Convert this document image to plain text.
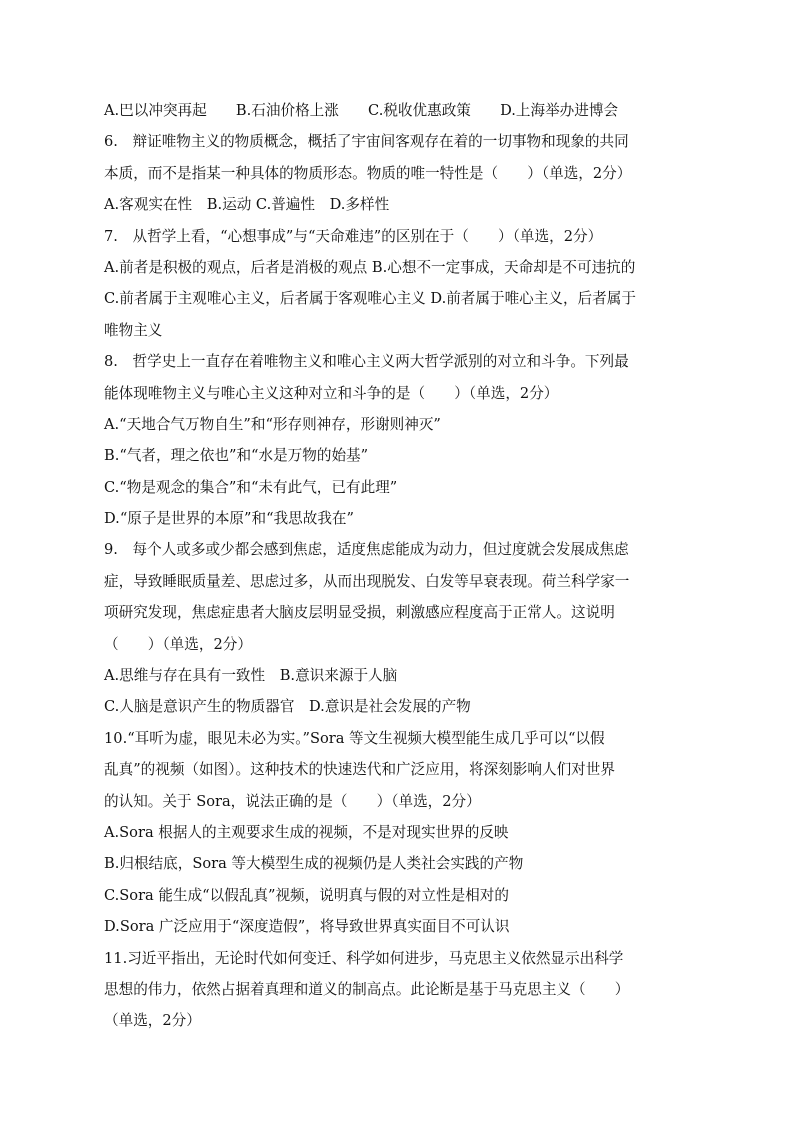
A.巴以冲突再起　　B.石油价格上涨　　C.税收优惠政策　　D.上海举办进博会
6.　辩证唯物主义的物质概念，概括了宇宙间客观存在着的一切事物和现象的共同
本质，而不是指某一种具体的物质形态。物质的唯一特性是（　　）（单选，2分）
A.客观实在性　B.运动 C.普遍性　D.多样性
7.　从哲学上看，“心想事成”与“天命难违”的区别在于（　　）（单选，2分）
A.前者是积极的观点，后者是消极的观点 B.心想不一定事成，天命却是不可违抗的
C.前者属于主观唯心主义，后者属于客观唯心主义 D.前者属于唯心主义，后者属于
唯物主义
8.　哲学史上一直存在着唯物主义和唯心主义两大哲学派别的对立和斗争。下列最
能体现唯物主义与唯心主义这种对立和斗争的是（　　）（单选，2分）
A.“天地合气万物自生”和“形存则神存，形谢则神灭”
B.“气者，理之依也”和“水是万物的始基”
C.“物是观念的集合”和“未有此气，已有此理”
D.“原子是世界的本原”和“我思故我在”
9.　每个人或多或少都会感到焦虑，适度焦虑能成为动力，但过度就会发展成焦虑
症，导致睡眠质量差、思虑过多，从而出现脱发、白发等早衰表现。荷兰科学家一
项研究发现，焦虑症患者大脑皮层明显受损，刺激感应程度高于正常人。这说明
（　　）（单选，2分）
A.思维与存在具有一致性　B.意识来源于人脑
C.人脑是意识产生的物质器官　D.意识是社会发展的产物
10.“耳听为虚，眼见未必为实。”Sora 等文生视频大模型能生成几乎可以“以假
乱真”的视频（如图）。这种技术的快速迭代和广泛应用，将深刻影响人们对世界
的认知。关于 Sora，说法正确的是（　　）（单选，2分）
A.Sora 根据人的主观要求生成的视频，不是对现实世界的反映
B.归根结底，Sora 等大模型生成的视频仍是人类社会实践的产物
C.Sora 能生成“以假乱真”视频，说明真与假的对立性是相对的
D.Sora 广泛应用于“深度造假”，将导致世界真实面目不可认识
11.习近平指出，无论时代如何变迁、科学如何进步，马克思主义依然显示出科学
思想的伟力，依然占据着真理和道义的制高点。此论断是基于马克思主义（　　）
（单选，2分）
